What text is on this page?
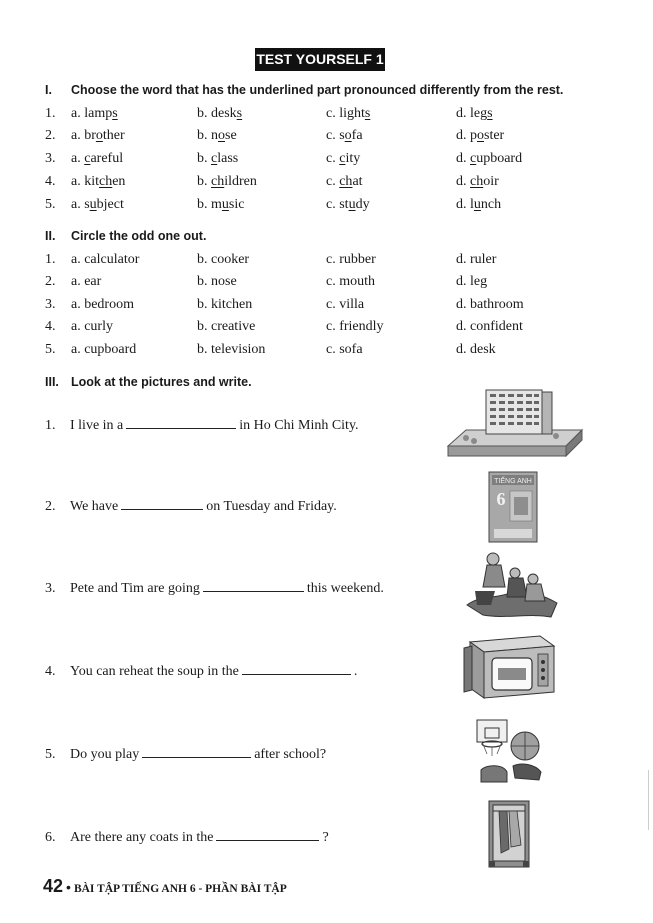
TEST YOURSELF 1
I. Choose the word that has the underlined part pronounced differently from the rest.
1. a. lamps	b. desks	c. lights	d. legs
2. a. brother	b. nose	c. sofa	d. poster
3. a. careful	b. class	c. city	d. cupboard
4. a. kitchen	b. children	c. chat	d. choir
5. a. subject	b. music	c. study	d. lunch
II. Circle the odd one out.
1. a. calculator	b. cooker	c. rubber	d. ruler
2. a. ear	b. nose	c. mouth	d. leg
3. a. bedroom	b. kitchen	c. villa	d. bathroom
4. a. curly	b. creative	c. friendly	d. confident
5. a. cupboard	b. television	c. sofa	d. desk
III. Look at the pictures and write.
1. I live in a	in Ho Chi Minh City.
2. We have	on Tuesday and Friday.
3. Pete and Tim are going	this weekend.
4. You can reheat the soup in the	.
5. Do you play	after school?
6. Are there any coats in the	?
TIẾNG ANH
6
42 • BÀI TẬP TIẾNG ANH 6 - PHẦN BÀI TẬP
